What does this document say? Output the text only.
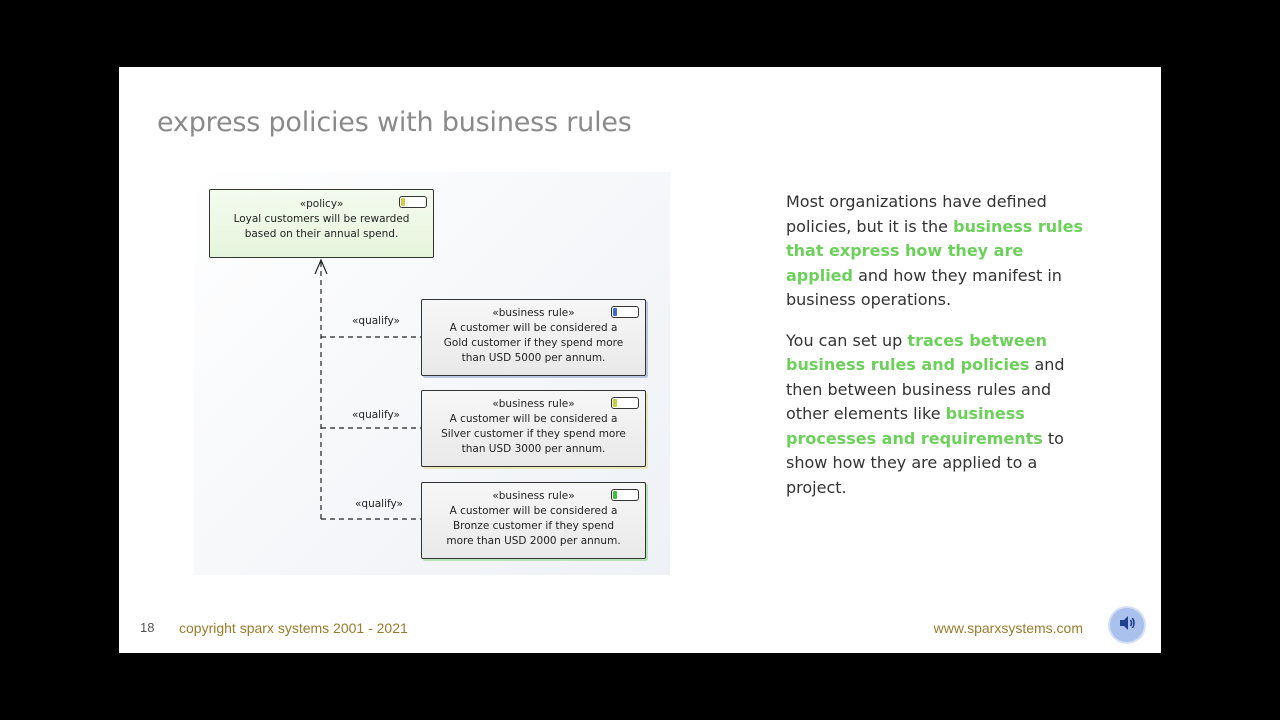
express policies with business rules
«policy»
Loyal customers will be rewarded
based on their annual spend.
«qualify»
«qualify»
«qualify»
«business rule»
A customer will be considered a
Gold customer if they spend more
than USD 5000 per annum.
«business rule»
A customer will be considered a
Silver customer if they spend more
than USD 3000 per annum.
«business rule»
A customer will be considered a
Bronze customer if they spend
more than USD 2000 per annum.

Most organizations have defined policies, but it is the business rules that express how they are applied and how they manifest in business operations.

You can set up traces between business rules and policies and then between business rules and other elements like business processes and requirements to show how they are applied to a project.

18 copyright sparx systems 2001 - 2021	www.sparxsystems.com
